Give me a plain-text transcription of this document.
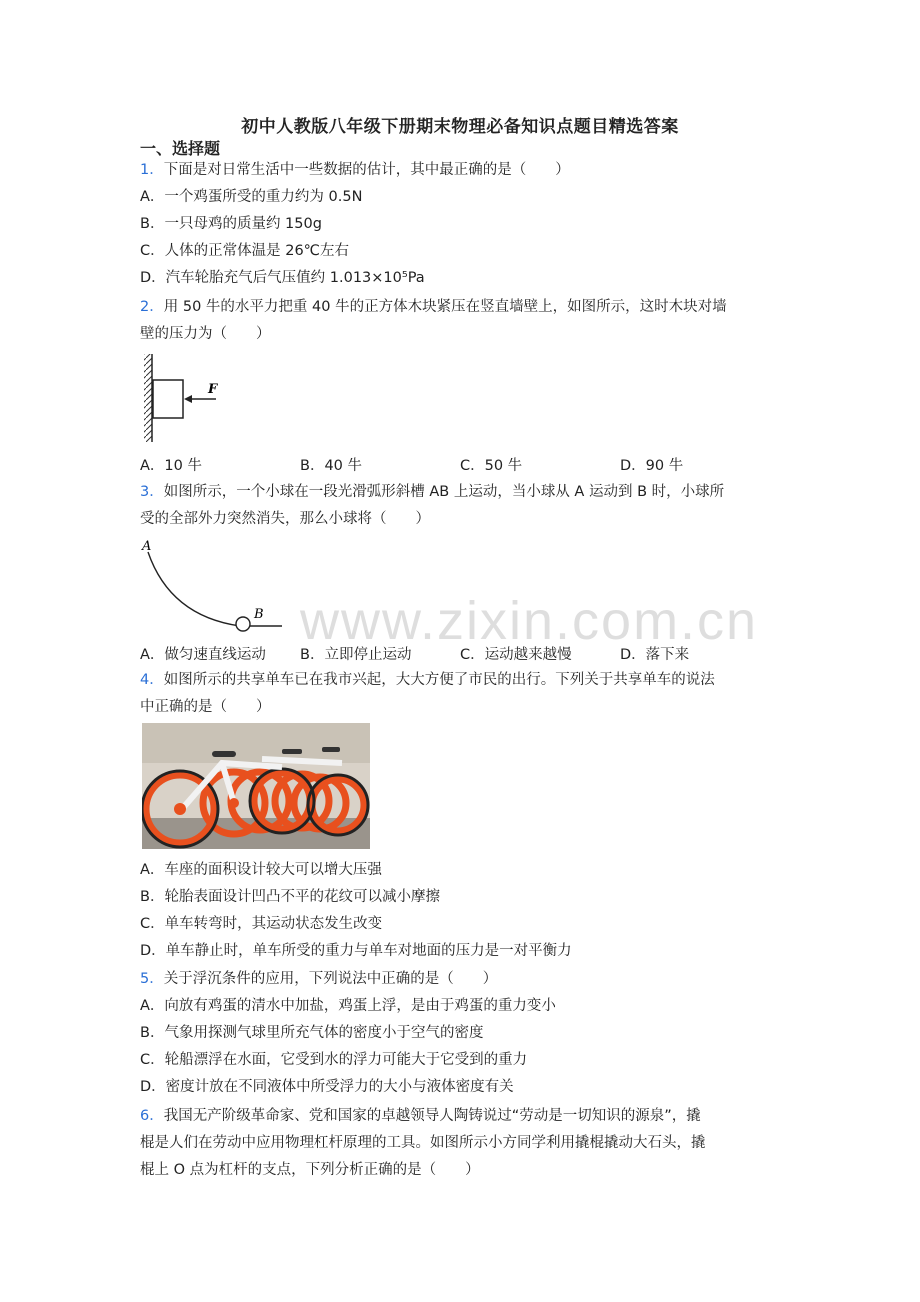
初中人教版八年级下册期末物理必备知识点题目精选答案
一、选择题
1．下面是对日常生活中一些数据的估计，其中最正确的是（　　）
A．一个鸡蛋所受的重力约为 0.5N
B．一只母鸡的质量约 150g
C．人体的正常体温是 26℃左右
D．汽车轮胎充气后气压值约 1.013×10⁵Pa
2．用 50 牛的水平力把重 40 牛的正方体木块紧压在竖直墙壁上，如图所示，这时木块对墙
壁的压力为（　　）
F
A．10 牛	B．40 牛	C．50 牛	D．90 牛
3．如图所示，一个小球在一段光滑弧形斜槽 AB 上运动，当小球从 A 运动到 B 时，小球所
受的全部外力突然消失，那么小球将（　　）
A
B
A．做匀速直线运动 B．立即停止运动	C．运动越来越慢	D．落下来
4．如图所示的共享单车已在我市兴起，大大方便了市民的出行。下列关于共享单车的说法
中正确的是（　　）
A．车座的面积设计较大可以增大压强
B．轮胎表面设计凹凸不平的花纹可以减小摩擦
C．单车转弯时，其运动状态发生改变
D．单车静止时，单车所受的重力与单车对地面的压力是一对平衡力
5．关于浮沉条件的应用，下列说法中正确的是（　　）
A．向放有鸡蛋的清水中加盐，鸡蛋上浮，是由于鸡蛋的重力变小
B．气象用探测气球里所充气体的密度小于空气的密度
C．轮船漂浮在水面，它受到水的浮力可能大于它受到的重力
D．密度计放在不同液体中所受浮力的大小与液体密度有关
6．我国无产阶级革命家、党和国家的卓越领导人陶铸说过“劳动是一切知识的源泉”，撬
棍是人们在劳动中应用物理杠杆原理的工具。如图所示小方同学利用撬棍撬动大石头，撬
棍上 O 点为杠杆的支点，下列分析正确的是（　　）
www.zixin.com.cn
